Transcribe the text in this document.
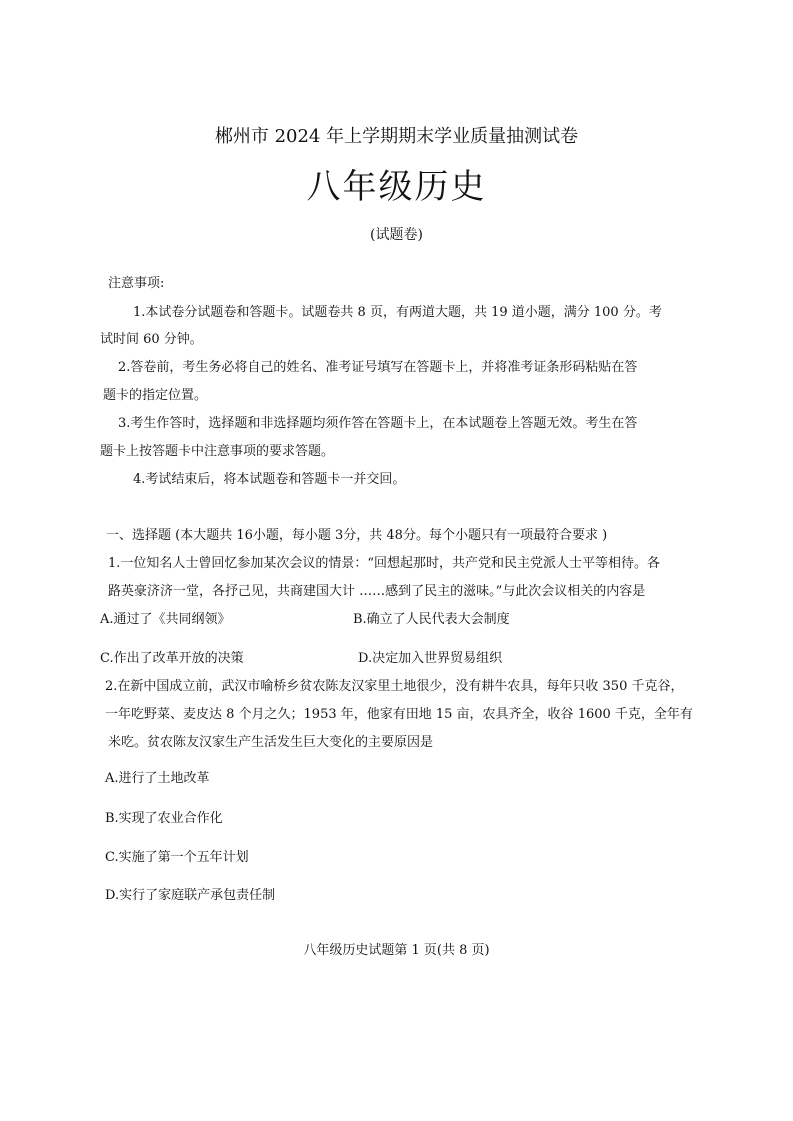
郴州市 2024 年上学期期末学业质量抽测试卷
八年级历史
(试题卷)
注意事项:
1.本试卷分试题卷和答题卡。试题卷共 8 页，有两道大题，共 19 道小题，满分 100 分。考
试时间 60 分钟。
2.答卷前，考生务必将自己的姓名、准考证号填写在答题卡上，并将准考证条形码粘贴在答
题卡的指定位置。
3.考生作答时，选择题和非选择题均须作答在答题卡上，在本试题卷上答题无效。考生在答
题卡上按答题卡中注意事项的要求答题。
4.考试结束后，将本试题卷和答题卡一并交回。
一、选择题 (本大题共 16小题，每小题 3分，共 48分。每个小题只有一项最符合要求 )
1.一位知名人士曾回忆参加某次会议的情景：“回想起那时，共产党和民主党派人士平等相待。各
路英豪济济一堂，各抒己见，共商建国大计 ……感到了民主的滋味。”与此次会议相关的内容是
A.通过了《共同纲领》	B.确立了人民代表大会制度
C.作出了改革开放的决策	D.决定加入世界贸易组织
2.在新中国成立前，武汉市喻桥乡贫农陈友汉家里土地很少，没有耕牛农具，每年只收 350 千克谷，
一年吃野菜、麦皮达 8 个月之久；1953 年，他家有田地 15 亩，农具齐全，收谷 1600 千克，全年有
米吃。贫农陈友汉家生产生活发生巨大变化的主要原因是
A.进行了土地改革
B.实现了农业合作化
C.实施了第一个五年计划
D.实行了家庭联产承包责任制
八年级历史试题第 1 页(共 8 页)
